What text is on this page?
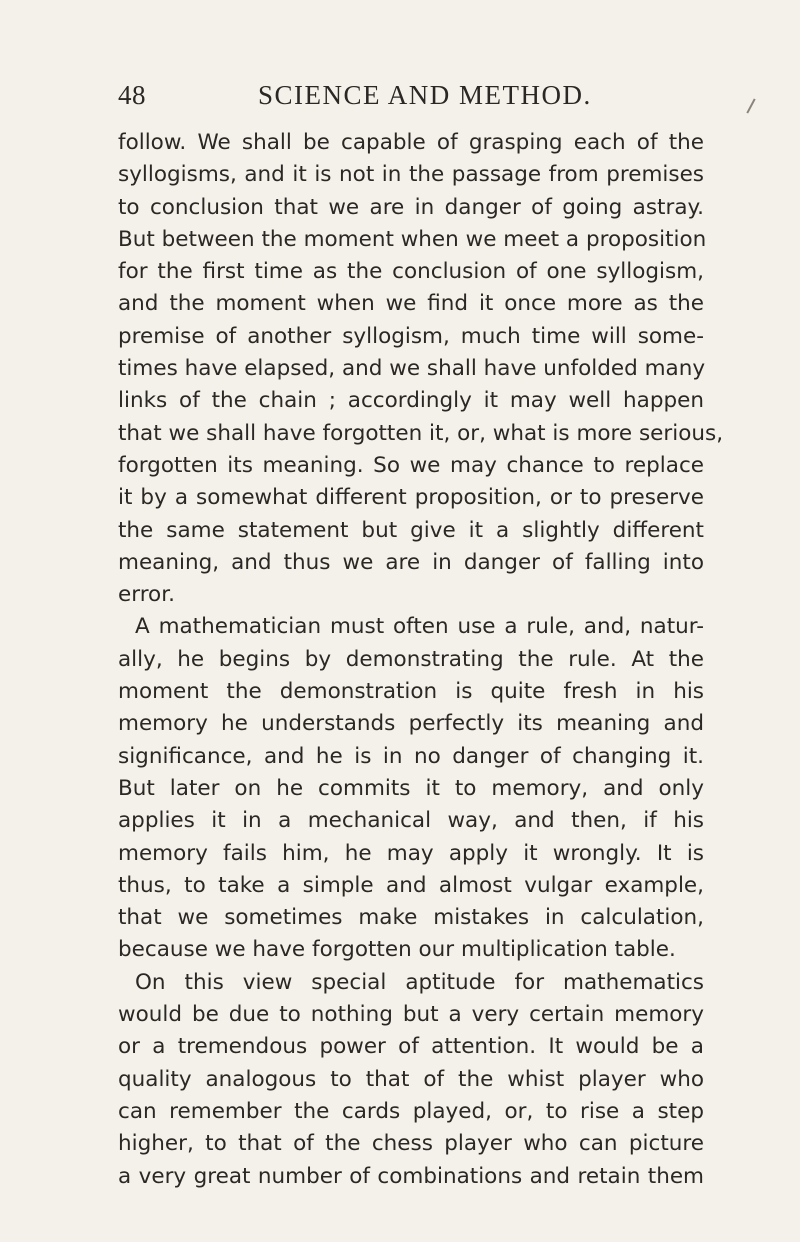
48	SCIENCE AND METHOD.
follow. We shall be capable of grasping each of the
syllogisms, and it is not in the passage from premises
to conclusion that we are in danger of going astray.
But between the moment when we meet a proposition
for the first time as the conclusion of one syllogism,
and the moment when we find it once more as the
premise of another syllogism, much time will some-
times have elapsed, and we shall have unfolded many
links of the chain ; accordingly it may well happen
that we shall have forgotten it, or, what is more serious,
forgotten its meaning. So we may chance to replace
it by a somewhat different proposition, or to preserve
the same statement but give it a slightly different
meaning, and thus we are in danger of falling into
error.
A mathematician must often use a rule, and, natur-
ally, he begins by demonstrating the rule. At the
moment the demonstration is quite fresh in his
memory he understands perfectly its meaning and
significance, and he is in no danger of changing it.
But later on he commits it to memory, and only
applies it in a mechanical way, and then, if his
memory fails him, he may apply it wrongly. It is
thus, to take a simple and almost vulgar example,
that we sometimes make mistakes in calculation,
because we have forgotten our multiplication table.
On this view special aptitude for mathematics
would be due to nothing but a very certain memory
or a tremendous power of attention. It would be a
quality analogous to that of the whist player who
can remember the cards played, or, to rise a step
higher, to that of the chess player who can picture
a very great number of combinations and retain them
